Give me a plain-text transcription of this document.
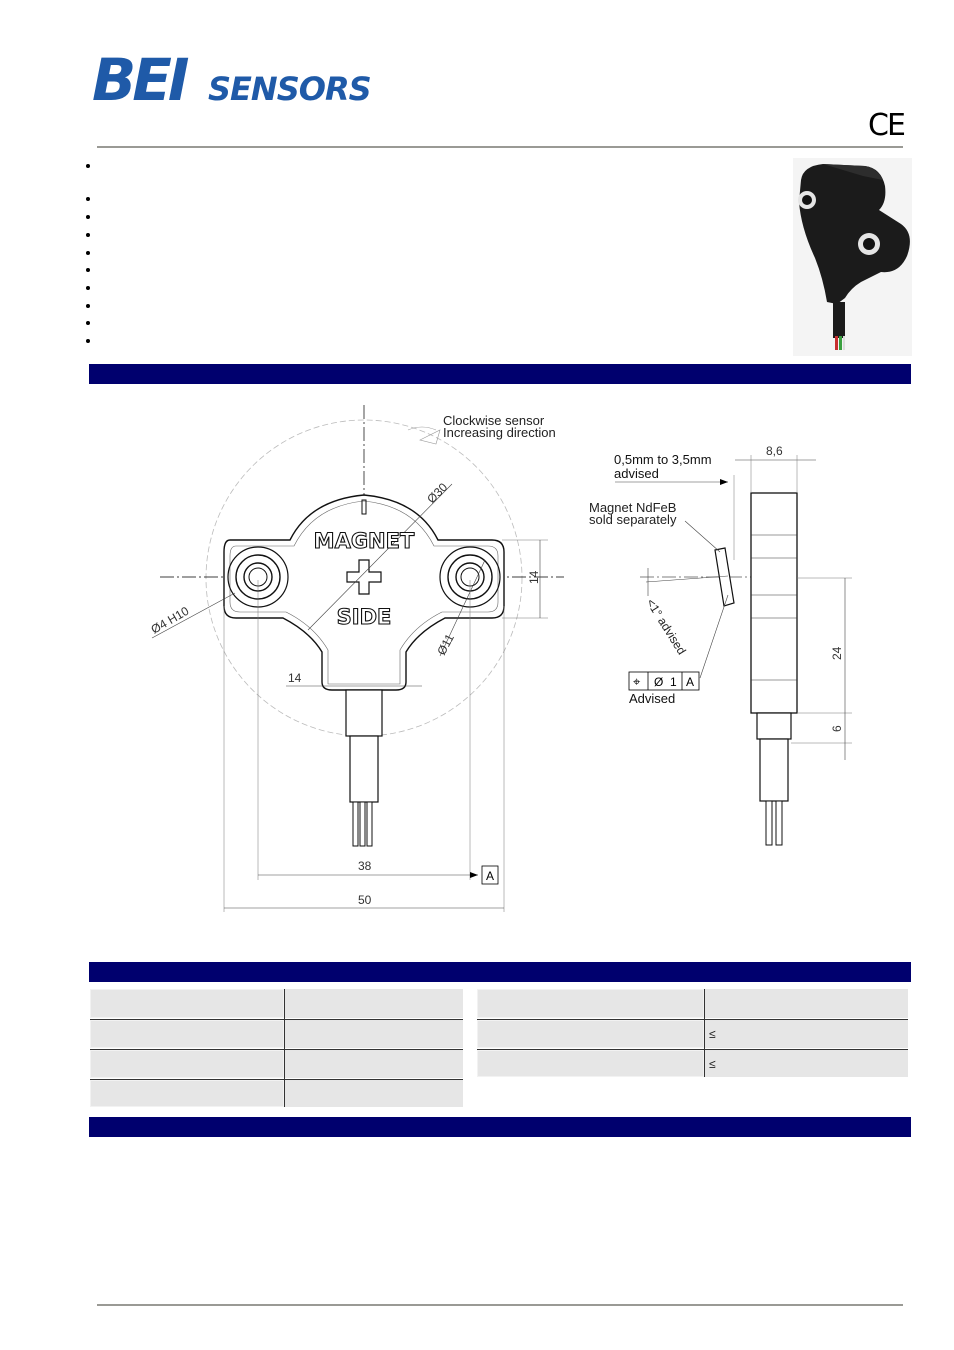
BEI SENSORS
CE
Clockwise sensor
Increasing direction
Ø30
Ø4 H10
Ø11
MAGNET
SIDE
14
14
38
50
A
0,5mm to 3,5mm
advised
8,6
Magnet NdFeB
sold separately
<1° advised
⌖ Ø 1 A
Advised
24
6
≤
≤
